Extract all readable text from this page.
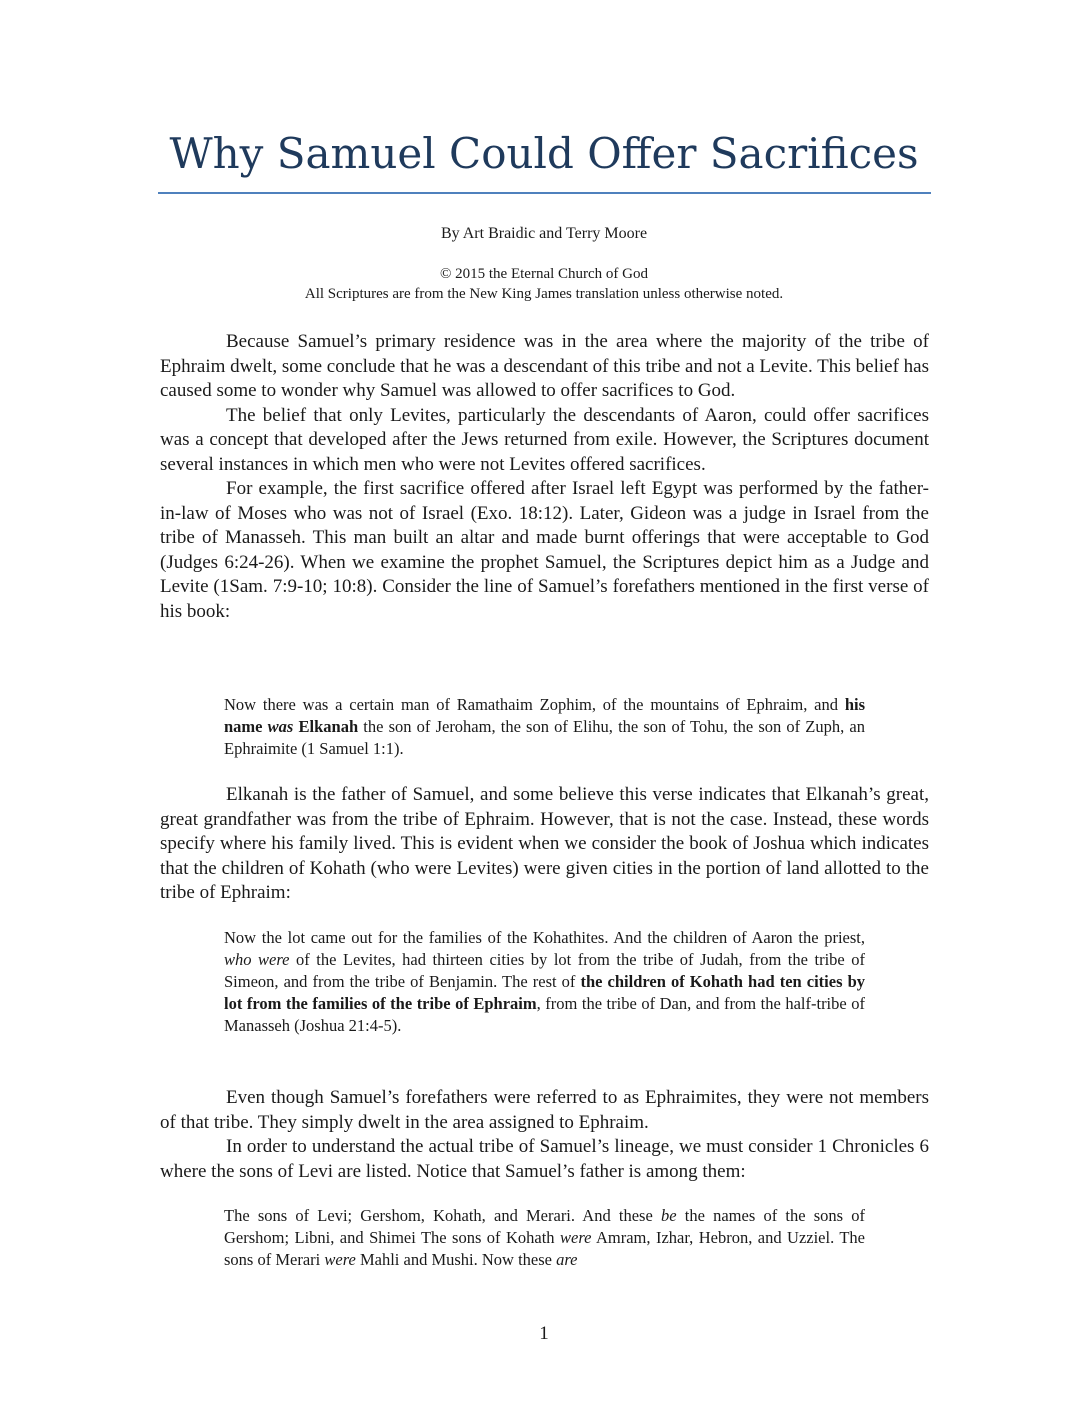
Why Samuel Could Offer Sacrifices

By Art Braidic and Terry Moore

© 2015 the Eternal Church of God
All Scriptures are from the New King James translation unless otherwise noted.

Because Samuel’s primary residence was in the area where the majority of the tribe of Ephraim dwelt, some conclude that he was a descendant of this tribe and not a Levite. This belief has caused some to wonder why Samuel was allowed to offer sacrifices to God.

The belief that only Levites, particularly the descendants of Aaron, could offer sacrifices was a concept that developed after the Jews returned from exile. However, the Scriptures document several instances in which men who were not Levites offered sacrifices.

For example, the first sacrifice offered after Israel left Egypt was performed by the father-in-law of Moses who was not of Israel (Exo. 18:12). Later, Gideon was a judge in Israel from the tribe of Manasseh. This man built an altar and made burnt offerings that were acceptable to God (Judges 6:24-26). When we examine the prophet Samuel, the Scriptures depict him as a Judge and Levite (1Sam. 7:9-10; 10:8). Consider the line of Samuel’s forefathers mentioned in the first verse of his book:

Now there was a certain man of Ramathaim Zophim, of the mountains of Ephraim, and his name was Elkanah the son of Jeroham, the son of Elihu, the son of Tohu, the son of Zuph, an Ephraimite (1 Samuel 1:1).

Elkanah is the father of Samuel, and some believe this verse indicates that Elkanah’s great, great grandfather was from the tribe of Ephraim. However, that is not the case. Instead, these words specify where his family lived. This is evident when we consider the book of Joshua which indicates that the children of Kohath (who were Levites) were given cities in the portion of land allotted to the tribe of Ephraim:

Now the lot came out for the families of the Kohathites. And the children of Aaron the priest, who were of the Levites, had thirteen cities by lot from the tribe of Judah, from the tribe of Simeon, and from the tribe of Benjamin. The rest of the children of Kohath had ten cities by lot from the families of the tribe of Ephraim, from the tribe of Dan, and from the half-tribe of Manasseh (Joshua 21:4-5).

Even though Samuel’s forefathers were referred to as Ephraimites, they were not members of that tribe. They simply dwelt in the area assigned to Ephraim.

In order to understand the actual tribe of Samuel’s lineage, we must consider 1 Chronicles 6 where the sons of Levi are listed. Notice that Samuel’s father is among them:

The sons of Levi; Gershom, Kohath, and Merari. And these be the names of the sons of Gershom; Libni, and Shimei The sons of Kohath were Amram, Izhar, Hebron, and Uzziel. The sons of Merari were Mahli and Mushi. Now these are

1
